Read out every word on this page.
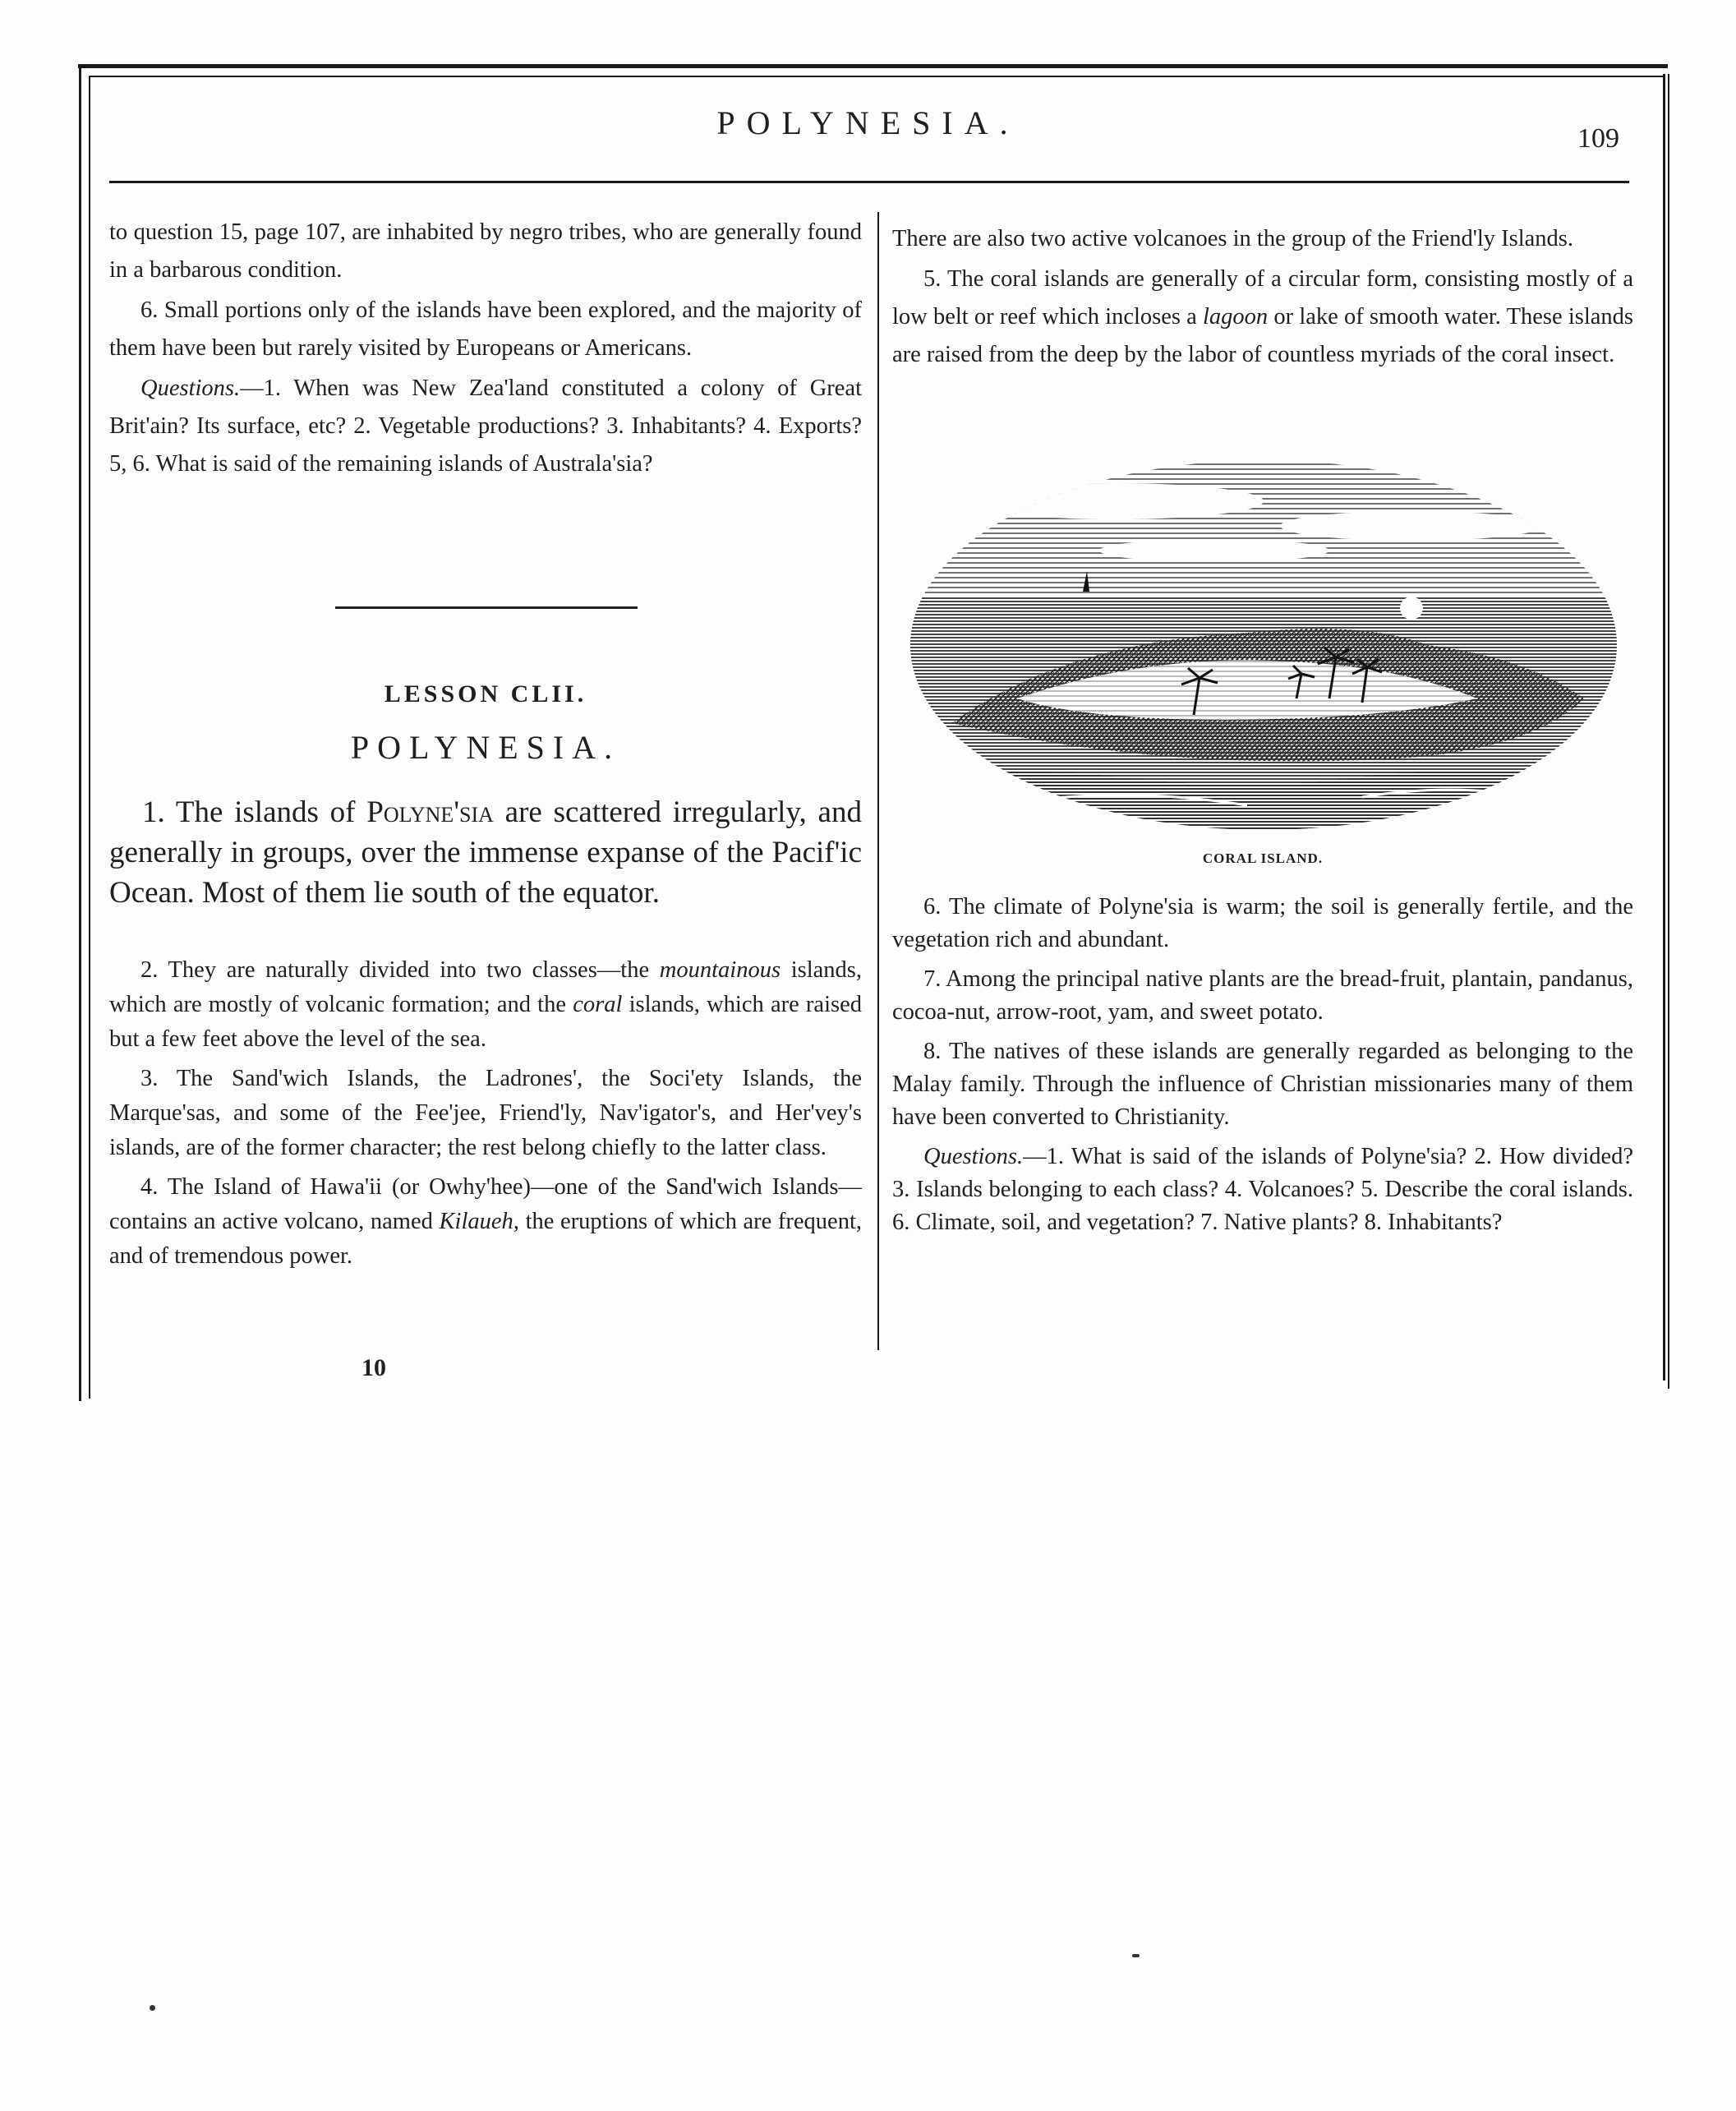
POLYNESIA.	109

to question 15, page 107, are inhabited by negro tribes, who are generally found in a barbarous condition.

6. Small portions only of the islands have been explored, and the majority of them have been but rarely visited by Europeans or Americans.

Questions.—1. When was New Zea'land constituted a colony of Great Brit'ain? Its surface, etc? 2. Vegetable productions? 3. Inhabitants? 4. Exports? 5, 6. What is said of the remaining islands of Australa'sia?

LESSON CLII.
POLYNESIA.
1. The islands of Polyne'sia are scattered irregularly, and generally in groups, over the immense expanse of the Pacif'ic Ocean. Most of them lie south of the equator.

2. They are naturally divided into two classes—the mountainous islands, which are mostly of volcanic formation; and the coral islands, which are raised but a few feet above the level of the sea.

3. The Sand'wich Islands, the Ladrones', the Soci'ety Islands, the Marque'sas, and some of the Fee'jee, Friend'ly, Nav'igator's, and Her'vey's islands, are of the former character; the rest belong chiefly to the latter class.

4. The Island of Hawa'ii (or Owhy'hee)—one of the Sand'wich Islands—contains an active volcano, named Kilaueh, the eruptions of which are frequent, and of tremendous power.

10

There are also two active volcanoes in the group of the Friend'ly Islands.

5. The coral islands are generally of a circular form, consisting mostly of a low belt or reef which incloses a lagoon or lake of smooth water. These islands are raised from the deep by the labor of countless myriads of the coral insect.

CORAL ISLAND.

6. The climate of Polyne'sia is warm; the soil is generally fertile, and the vegetation rich and abundant.

7. Among the principal native plants are the bread-fruit, plantain, pandanus, cocoa-nut, arrow-root, yam, and sweet potato.

8. The natives of these islands are generally regarded as belonging to the Malay family. Through the influence of Christian missionaries many of them have been converted to Christianity.

Questions.—1. What is said of the islands of Polyne'sia? 2. How divided? 3. Islands belonging to each class? 4. Volcanoes? 5. Describe the coral islands. 6. Climate, soil, and vegetation? 7. Native plants? 8. Inhabitants?
